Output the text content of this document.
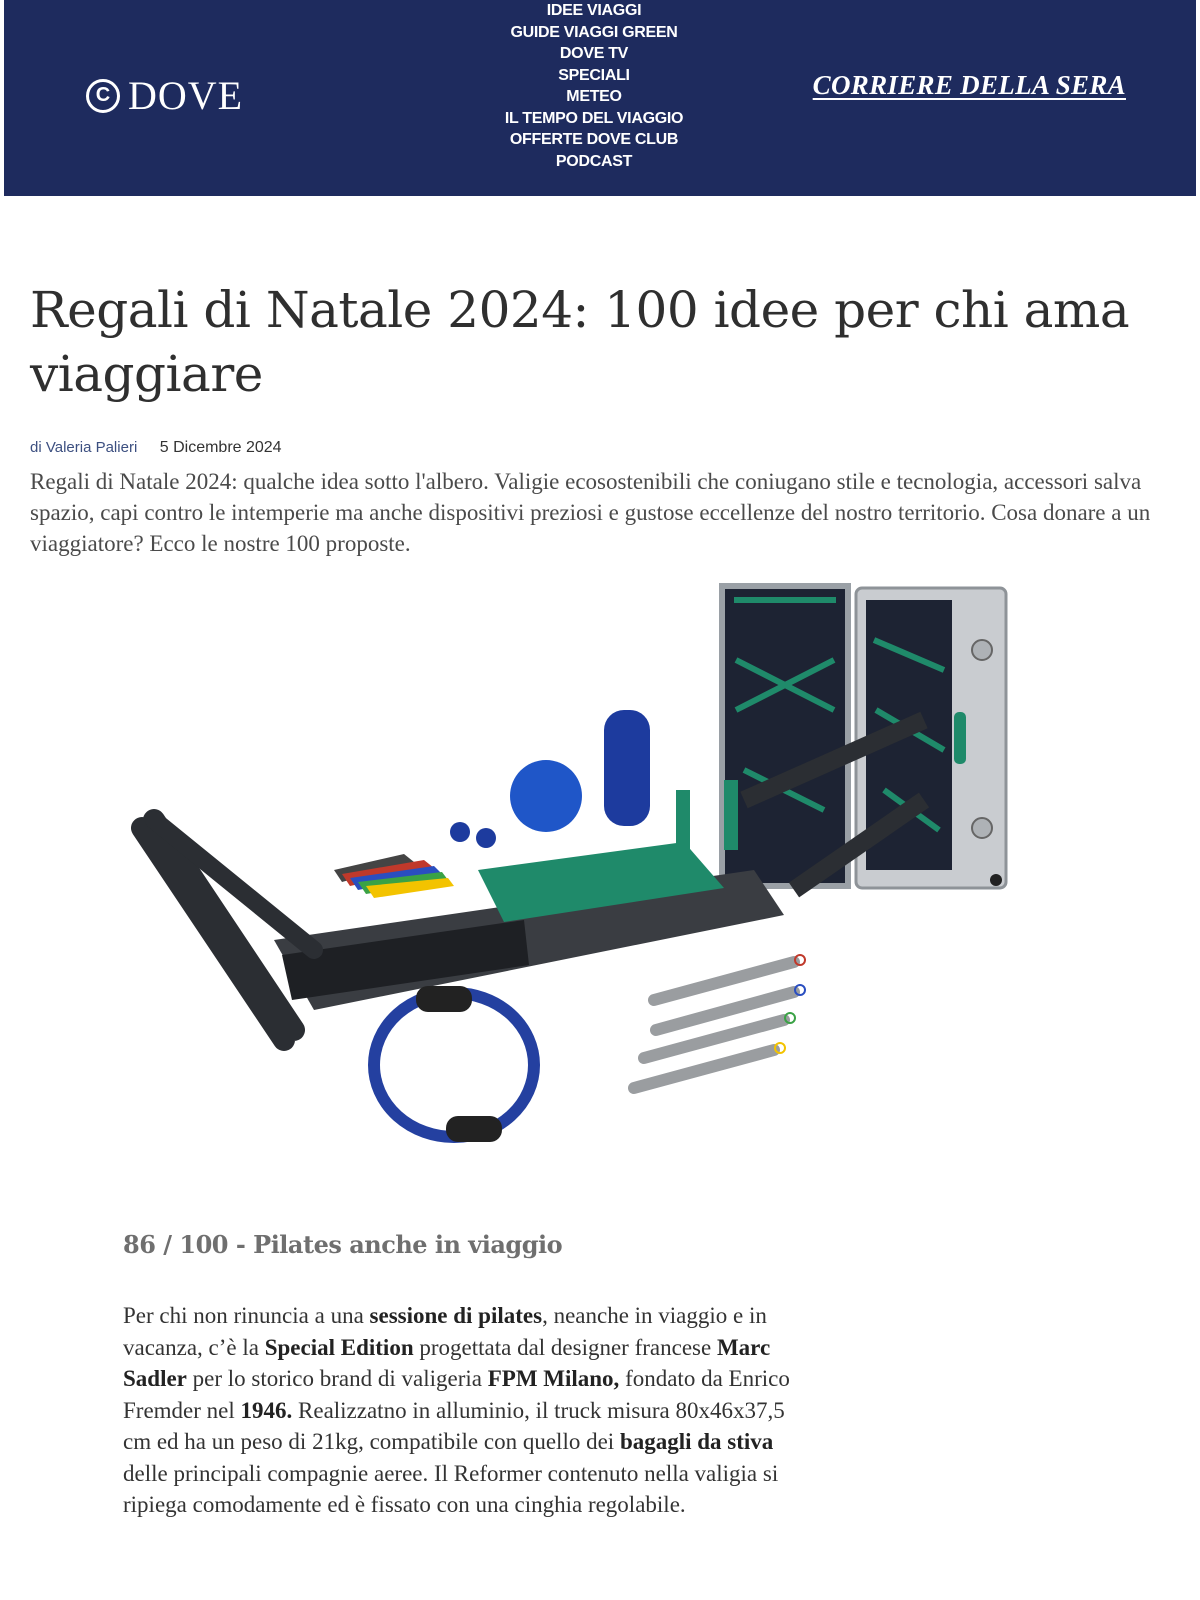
C DOVE
IDEE VIAGGI
GUIDE VIAGGI GREEN
DOVE TV
SPECIALI
METEO
IL TEMPO DEL VIAGGIO
OFFERTE DOVE CLUB
PODCAST
CORRIERE DELLA SERA
Regali di Natale 2024: 100 idee per chi ama viaggiare
di Valeria Palieri 5 Dicembre 2024

Regali di Natale 2024: qualche idea sotto l'albero. Valigie ecosostenibili che coniugano stile e tecnologia, accessori salva spazio, capi contro le intemperie ma anche dispositivi preziosi e gustose eccellenze del nostro territorio. Cosa donare a un viaggiatore? Ecco le nostre 100 proposte.

86 / 100 - Pilates anche in viaggio

Per chi non rinuncia a una sessione di pilates, neanche in viaggio e in vacanza, c’è la Special Edition progettata dal designer francese Marc Sadler per lo storico brand di valigeria FPM Milano, fondato da Enrico Fremder nel 1946. Realizzatno in alluminio, il truck misura 80x46x37,5 cm ed ha un peso di 21kg, compatibile con quello dei bagagli da stiva delle principali compagnie aeree. Il Reformer contenuto nella valigia si ripiega comodamente ed è fissato con una cinghia regolabile.
